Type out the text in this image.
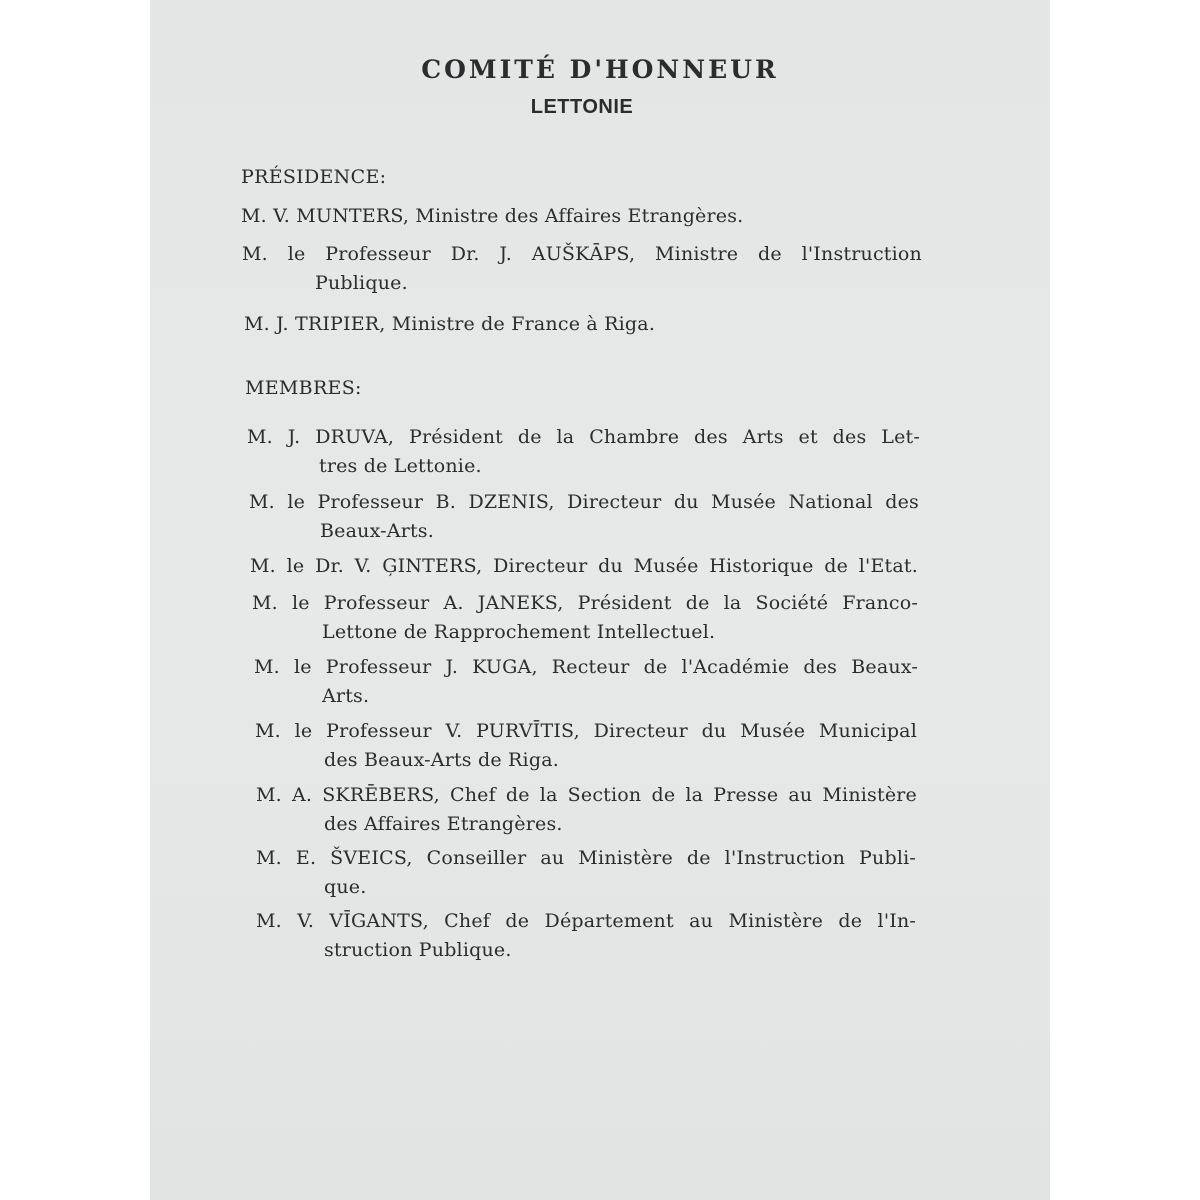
COMITÉ D'HONNEUR
LETTONIE
PRÉSIDENCE:
M. V. MUNTERS, Ministre des Affaires Etrangères.
M. le Professeur Dr. J. AUŠKĀPS, Ministre de l'Instruction
Publique.
M. J. TRIPIER, Ministre de France à Riga.
MEMBRES:
M. J. DRUVA, Président de la Chambre des Arts et des Let-
tres de Lettonie.
M. le Professeur B. DZENIS, Directeur du Musée National des
Beaux-Arts.
M. le Dr. V. ĢINTERS, Directeur du Musée Historique de l'Etat.
M. le Professeur A. JANEKS, Président de la Société Franco-
Lettone de Rapprochement Intellectuel.
M. le Professeur J. KUGA, Recteur de l'Académie des Beaux-
Arts.
M. le Professeur V. PURVĪTIS, Directeur du Musée Municipal
des Beaux-Arts de Riga.
M. A. SKRĒBERS, Chef de la Section de la Presse au Ministère
des Affaires Etrangères.
M. E. ŠVEICS, Conseiller au Ministère de l'Instruction Publi-
que.
M. V. VĪGANTS, Chef de Département au Ministère de l'In-
struction Publique.
